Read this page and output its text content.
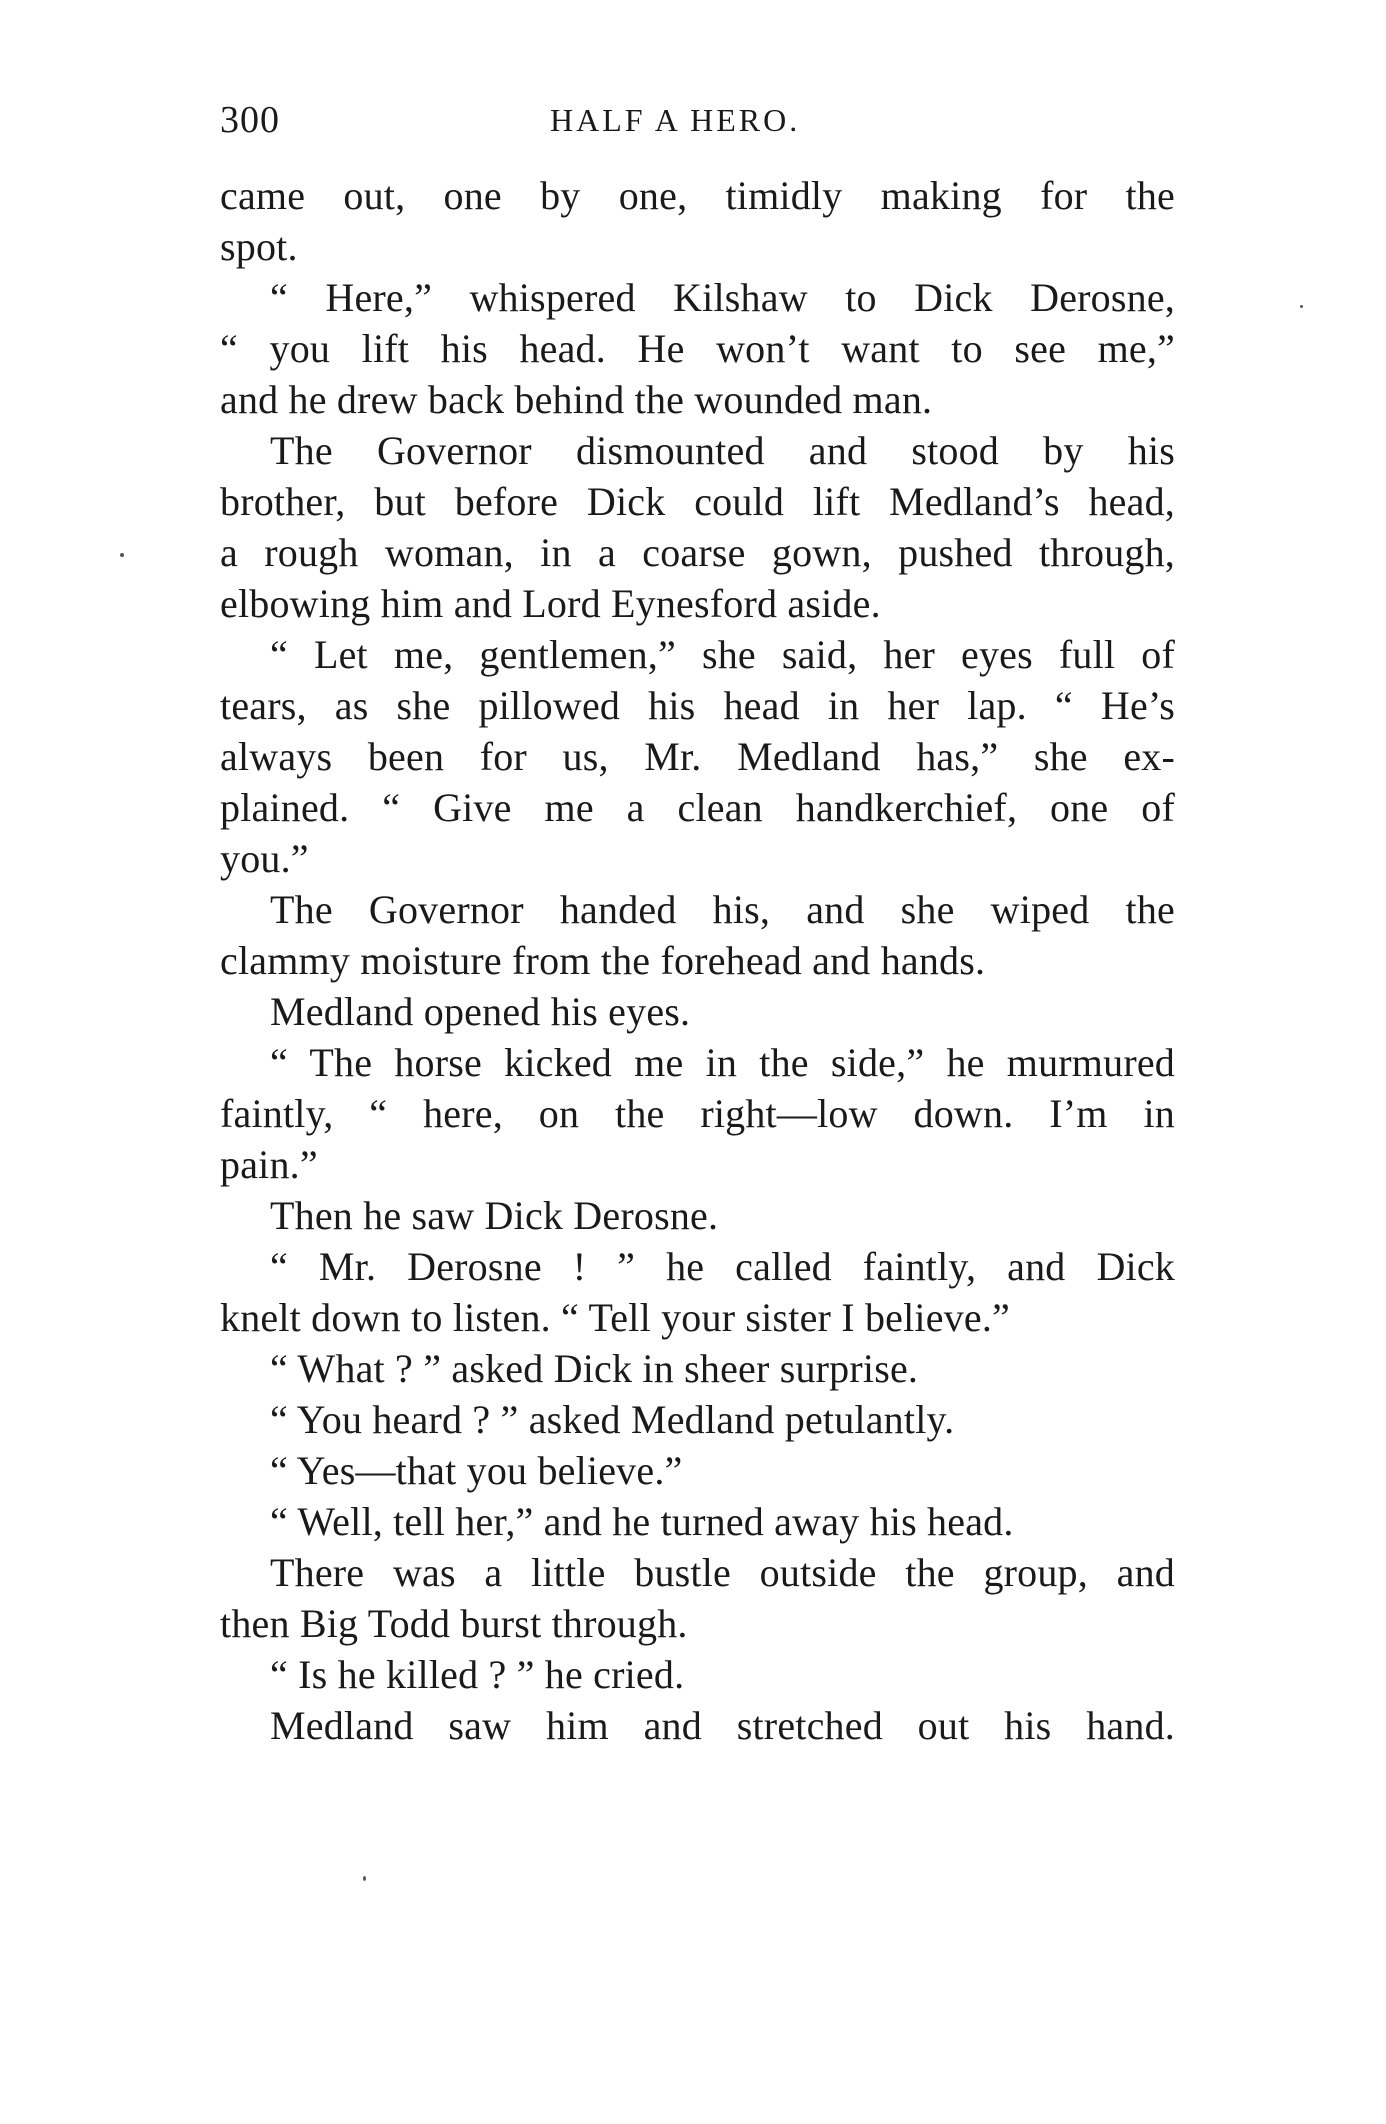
300	HALF A HERO.
came out, one by one, timidly making for the
spot.
“ Here,” whispered Kilshaw to Dick Derosne,
“ you lift his head. He won’t want to see me,”
and he drew back behind the wounded man.
The Governor dismounted and stood by his
brother, but before Dick could lift Medland’s head,
a rough woman, in a coarse gown, pushed through,
elbowing him and Lord Eynesford aside.
“ Let me, gentlemen,” she said, her eyes full of
tears, as she pillowed his head in her lap. “ He’s
always been for us, Mr. Medland has,” she ex-
plained. “ Give me a clean handkerchief, one of
you.”
The Governor handed his, and she wiped the
clammy moisture from the forehead and hands.
Medland opened his eyes.
“ The horse kicked me in the side,” he murmured
faintly, “ here, on the right—low down. I’m in
pain.”
Then he saw Dick Derosne.
“ Mr. Derosne ! ” he called faintly, and Dick
knelt down to listen. “ Tell your sister I believe.”
“ What ? ” asked Dick in sheer surprise.
“ You heard ? ” asked Medland petulantly.
“ Yes—that you believe.”
“ Well, tell her,” and he turned away his head.
There was a little bustle outside the group, and
then Big Todd burst through.
“ Is he killed ? ” he cried.
Medland saw him and stretched out his hand.
